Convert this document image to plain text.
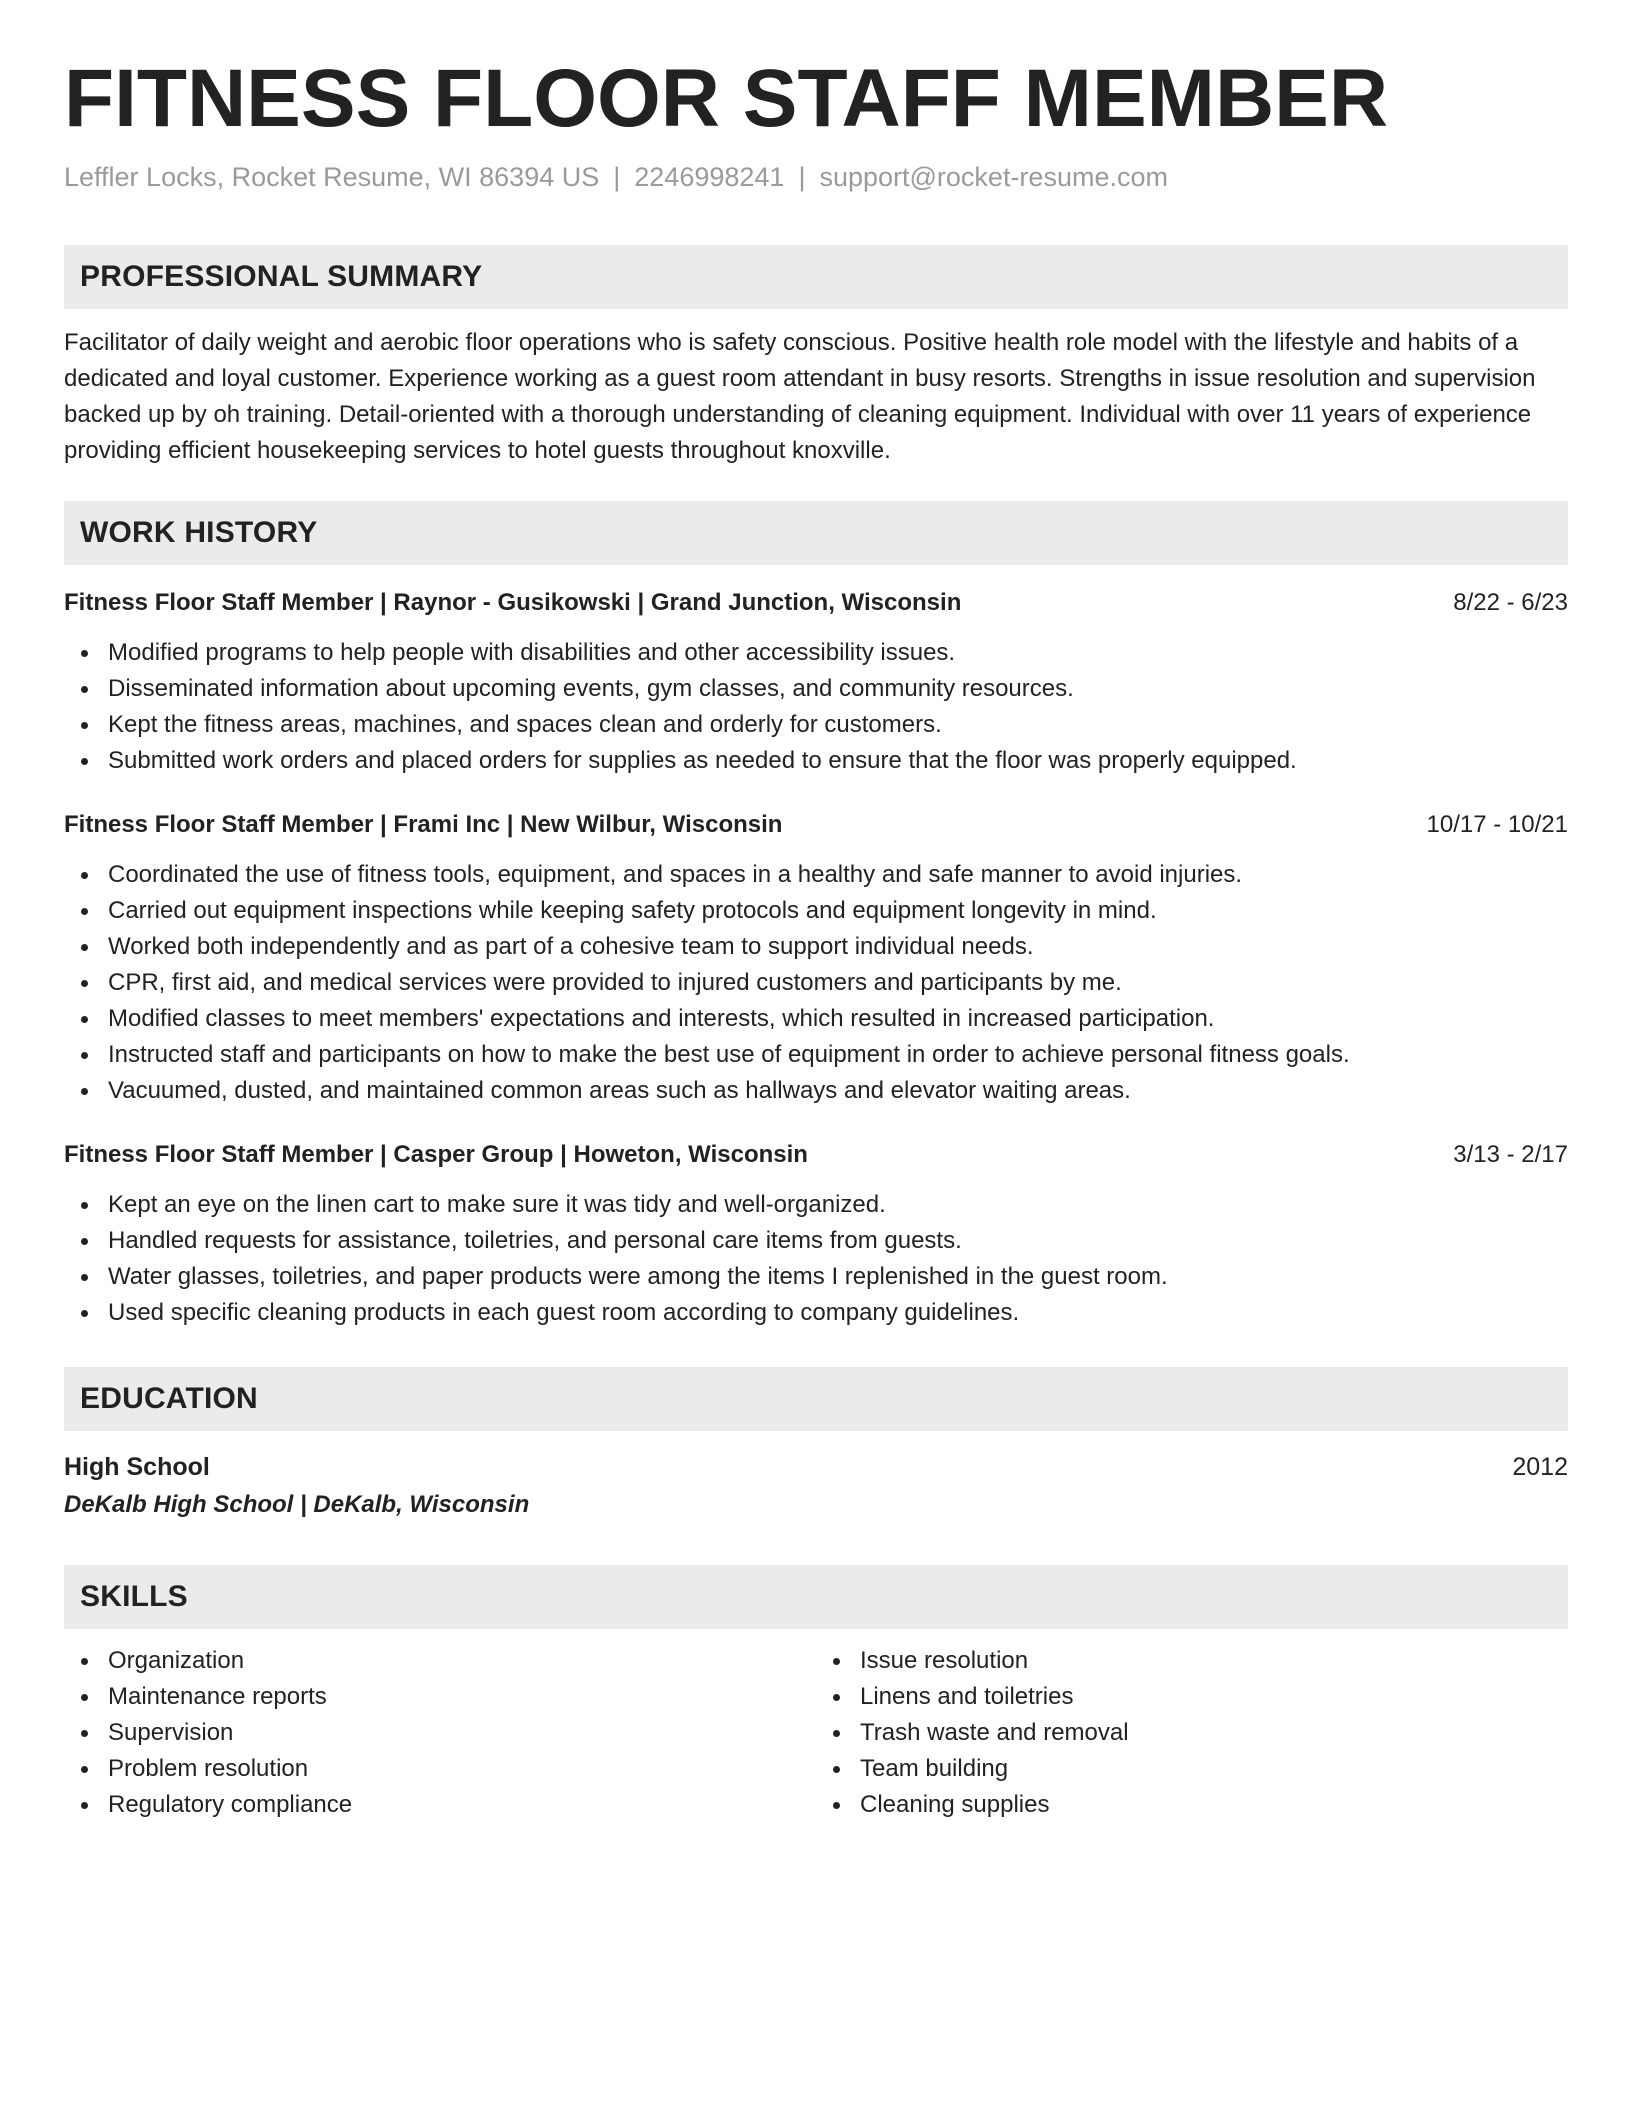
FITNESS FLOOR STAFF MEMBER
Leffler Locks, Rocket Resume, WI 86394 US | 2246998241 | support@rocket-resume.com
PROFESSIONAL SUMMARY
Facilitator of daily weight and aerobic floor operations who is safety conscious. Positive health role model with the lifestyle and habits of a dedicated and loyal customer. Experience working as a guest room attendant in busy resorts. Strengths in issue resolution and supervision backed up by oh training. Detail-oriented with a thorough understanding of cleaning equipment. Individual with over 11 years of experience providing efficient housekeeping services to hotel guests throughout knoxville.
WORK HISTORY
Fitness Floor Staff Member | Raynor - Gusikowski | Grand Junction, Wisconsin	8/22 - 6/23
Modified programs to help people with disabilities and other accessibility issues.
Disseminated information about upcoming events, gym classes, and community resources.
Kept the fitness areas, machines, and spaces clean and orderly for customers.
Submitted work orders and placed orders for supplies as needed to ensure that the floor was properly equipped.
Fitness Floor Staff Member | Frami Inc | New Wilbur, Wisconsin	10/17 - 10/21
Coordinated the use of fitness tools, equipment, and spaces in a healthy and safe manner to avoid injuries.
Carried out equipment inspections while keeping safety protocols and equipment longevity in mind.
Worked both independently and as part of a cohesive team to support individual needs.
CPR, first aid, and medical services were provided to injured customers and participants by me.
Modified classes to meet members' expectations and interests, which resulted in increased participation.
Instructed staff and participants on how to make the best use of equipment in order to achieve personal fitness goals.
Vacuumed, dusted, and maintained common areas such as hallways and elevator waiting areas.
Fitness Floor Staff Member | Casper Group | Howeton, Wisconsin	3/13 - 2/17
Kept an eye on the linen cart to make sure it was tidy and well-organized.
Handled requests for assistance, toiletries, and personal care items from guests.
Water glasses, toiletries, and paper products were among the items I replenished in the guest room.
Used specific cleaning products in each guest room according to company guidelines.
EDUCATION
High School	2012
DeKalb High School | DeKalb, Wisconsin
SKILLS
Organization
Maintenance reports
Supervision
Problem resolution
Regulatory compliance
Issue resolution
Linens and toiletries
Trash waste and removal
Team building
Cleaning supplies
